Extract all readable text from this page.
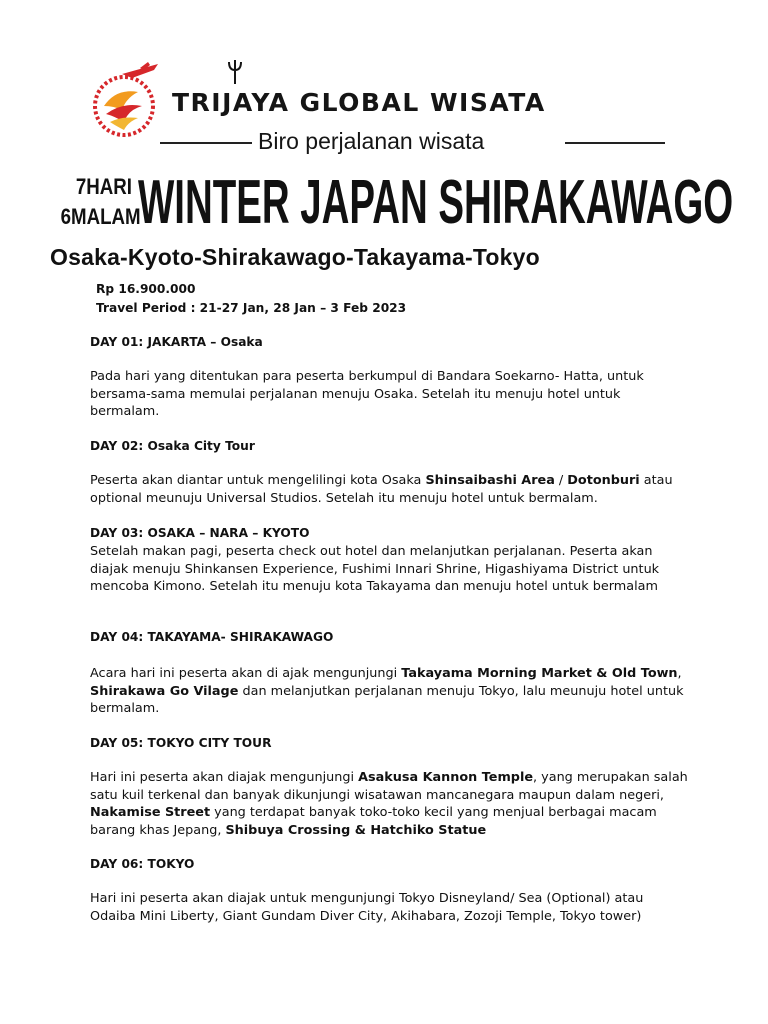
TRIJAYA GLOBAL WISATA
Biro perjalanan wisata
7HARI
6MALAM
WINTER JAPAN SHIRAKAWAGO
Osaka-Kyoto-Shirakawago-Takayama-Tokyo
Rp 16.900.000
Travel Period : 21-27 Jan, 28 Jan – 3 Feb 2023
DAY 01: JAKARTA – Osaka
Pada hari yang ditentukan para peserta berkumpul di Bandara Soekarno- Hatta, untuk bersama-sama memulai perjalanan menuju Osaka. Setelah itu menuju hotel untuk bermalam.
DAY 02: Osaka City Tour
Peserta akan diantar untuk mengelilingi kota Osaka Shinsaibashi Area / Dotonburi atau optional meunuju Universal Studios. Setelah itu menuju hotel untuk bermalam.
DAY 03: OSAKA – NARA – KYOTO
Setelah makan pagi, peserta check out hotel dan melanjutkan perjalanan. Peserta akan diajak menuju Shinkansen Experience, Fushimi Innari Shrine, Higashiyama District untuk mencoba Kimono. Setelah itu menuju kota Takayama dan menuju hotel untuk bermalam
DAY 04: TAKAYAMA- SHIRAKAWAGO
Acara hari ini peserta akan di ajak mengunjungi Takayama Morning Market & Old Town, Shirakawa Go Vilage dan melanjutkan perjalanan menuju Tokyo, lalu meunuju hotel untuk bermalam.
DAY 05: TOKYO CITY TOUR
Hari ini peserta akan diajak mengunjungi Asakusa Kannon Temple, yang merupakan salah satu kuil terkenal dan banyak dikunjungi wisatawan mancanegara maupun dalam negeri, Nakamise Street yang terdapat banyak toko-toko kecil yang menjual berbagai macam barang khas Jepang, Shibuya Crossing & Hatchiko Statue
DAY 06: TOKYO
Hari ini peserta akan diajak untuk mengunjungi Tokyo Disneyland/ Sea (Optional) atau Odaiba Mini Liberty, Giant Gundam Diver City, Akihabara, Zozoji Temple, Tokyo tower)
